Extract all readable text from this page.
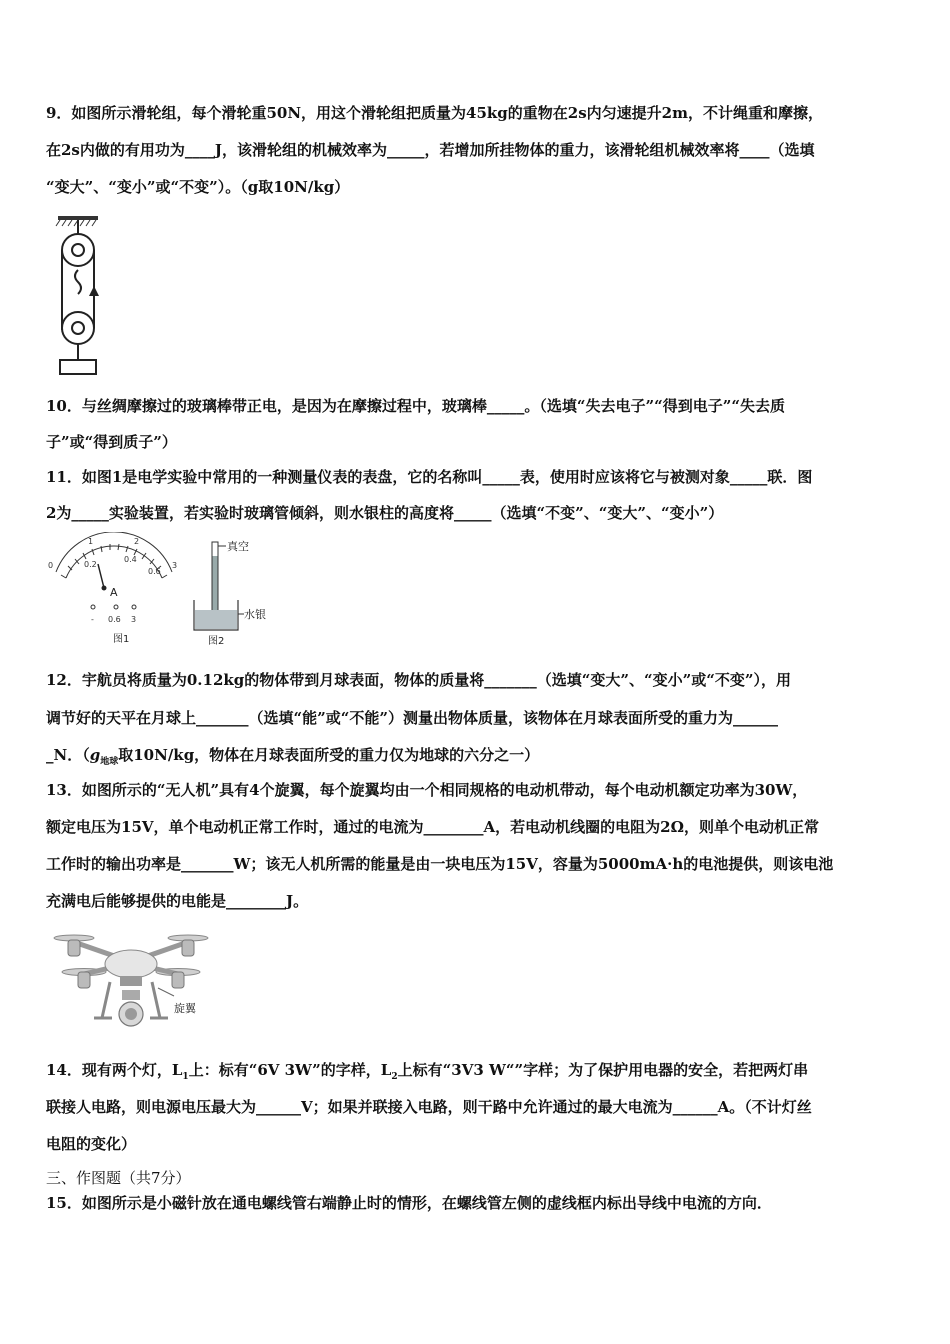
9．如图所示滑轮组，每个滑轮重50N，用这个滑轮组把质量为45kg的重物在2s内匀速提升2m，不计绳重和摩擦，
在2s内做的有用功为____J，该滑轮组的机械效率为_____，若增加所挂物体的重力，该滑轮组机械效率将____（选填
“变大”、“变小”或“不变”）。（g取10N/kg）
10．与丝绸摩擦过的玻璃棒带正电，是因为在摩擦过程中，玻璃棒_____。（选填“失去电子”“得到电子”“失去质
子”或“得到质子”）
11．如图1是电学实验中常用的一种测量仪表的表盘，它的名称叫_____表，使用时应该将它与被测对象_____联．图
2为_____实验装置，若实验时玻璃管倾斜，则水银柱的高度将_____（选填“不变”、“变大”、“变小”）
0
1	2
3
0.2
0.4
0.6
A
- 0.6 3
图1
真空
水银
图2
12．宇航员将质量为0.12kg的物体带到月球表面，物体的质量将_______（选填“变大”、“变小”或“不变”），用
调节好的天平在月球上_______（选填“能”或“不能”）测量出物体质量，该物体在月球表面所受的重力为______
_N．（$g_{地球}$取10N/kg，物体在月球表面所受的重力仅为地球的六分之一）
13．如图所示的“无人机”具有4个旋翼，每个旋翼均由一个相同规格的电动机带动，每个电动机额定功率为30W，
额定电压为15V，单个电动机正常工作时，通过的电流为________A，若电动机线圈的电阻为2Ω，则单个电动机正常
工作时的输出功率是_______W；该无人机所需的能量是由一块电压为15V，容量为5000mA·h的电池提供，则该电池
充满电后能够提供的电能是________J。
旋翼
14．现有两个灯，$L_1$上：标有“6V 3W”的字样，$L_2$上标有“3V3 W“”字样；为了保护用电器的安全，若把两灯串
联接人电路，则电源电压最大为______V；如果并联接入电路，则干路中允许通过的最大电流为______A。（不计灯丝
电阻的变化）
三、作图题（共7分）
15．如图所示是小磁针放在通电螺线管右端静止时的情形，在螺线管左侧的虚线框内标出导线中电流的方向．
